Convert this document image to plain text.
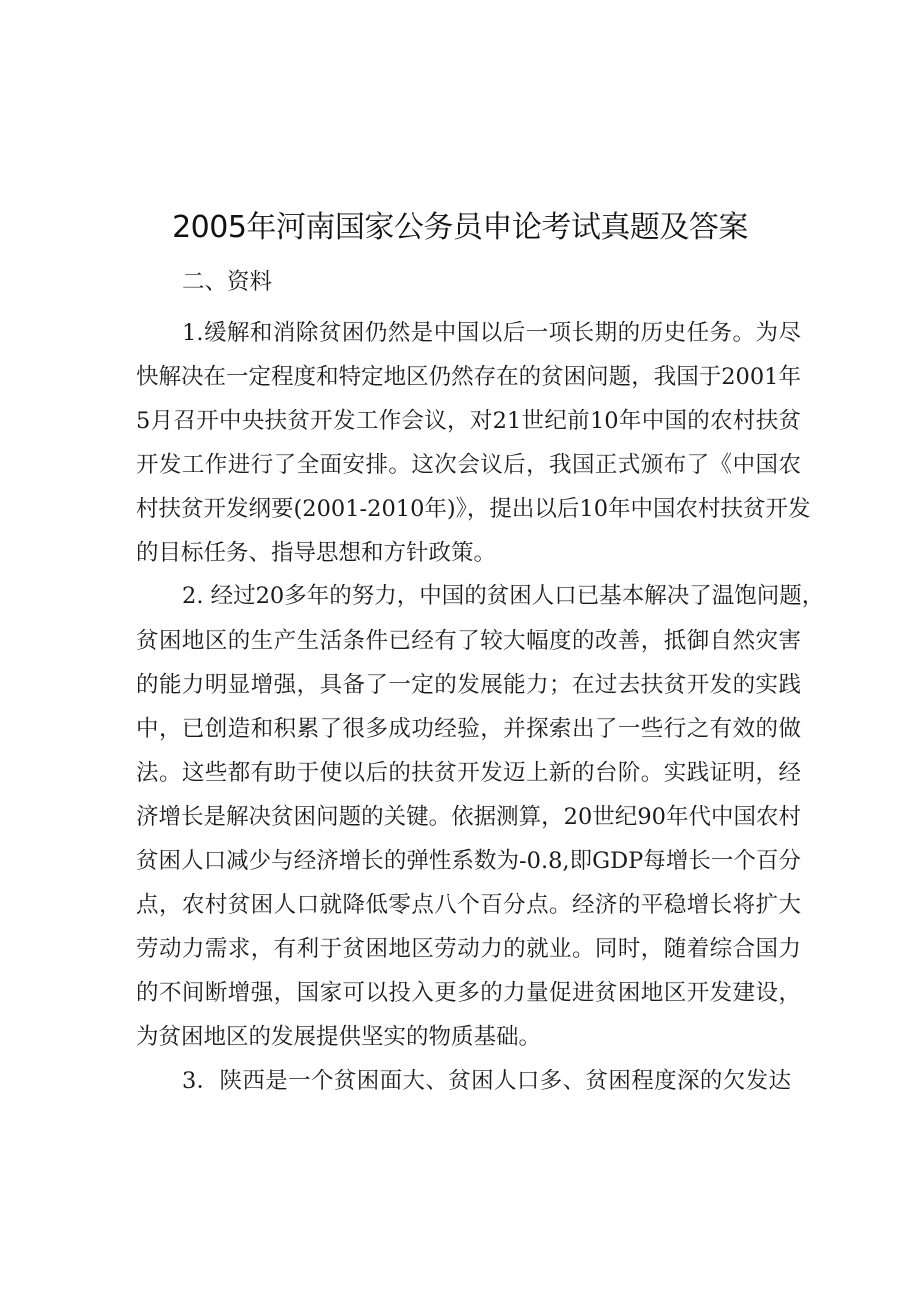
2005年河南国家公务员申论考试真题及答案
二、资料
1.缓解和消除贫困仍然是中国以后一项长期的历史任务。为尽
快解决在一定程度和特定地区仍然存在的贫困问题，我国于2001年
5月召开中央扶贫开发工作会议，对21世纪前10年中国的农村扶贫
开发工作进行了全面安排。这次会议后，我国正式颁布了《中国农
村扶贫开发纲要(2001-2010年)》，提出以后10年中国农村扶贫开发
的目标任务、指导思想和方针政策。
2. 经过20多年的努力，中国的贫困人口已基本解决了温饱问题，
贫困地区的生产生活条件已经有了较大幅度的改善，抵御自然灾害
的能力明显增强，具备了一定的发展能力；在过去扶贫开发的实践
中，已创造和积累了很多成功经验，并探索出了一些行之有效的做
法。这些都有助于使以后的扶贫开发迈上新的台阶。实践证明，经
济增长是解决贫困问题的关键。依据测算，20世纪90年代中国农村
贫困人口减少与经济增长的弹性系数为-0.8,即GDP每增长一个百分
点，农村贫困人口就降低零点八个百分点。经济的平稳增长将扩大
劳动力需求，有利于贫困地区劳动力的就业。同时，随着综合国力
的不间断增强，国家可以投入更多的力量促进贫困地区开发建设，
为贫困地区的发展提供坚实的物质基础。
3．陕西是一个贫困面大、贫困人口多、贫困程度深的欠发达
